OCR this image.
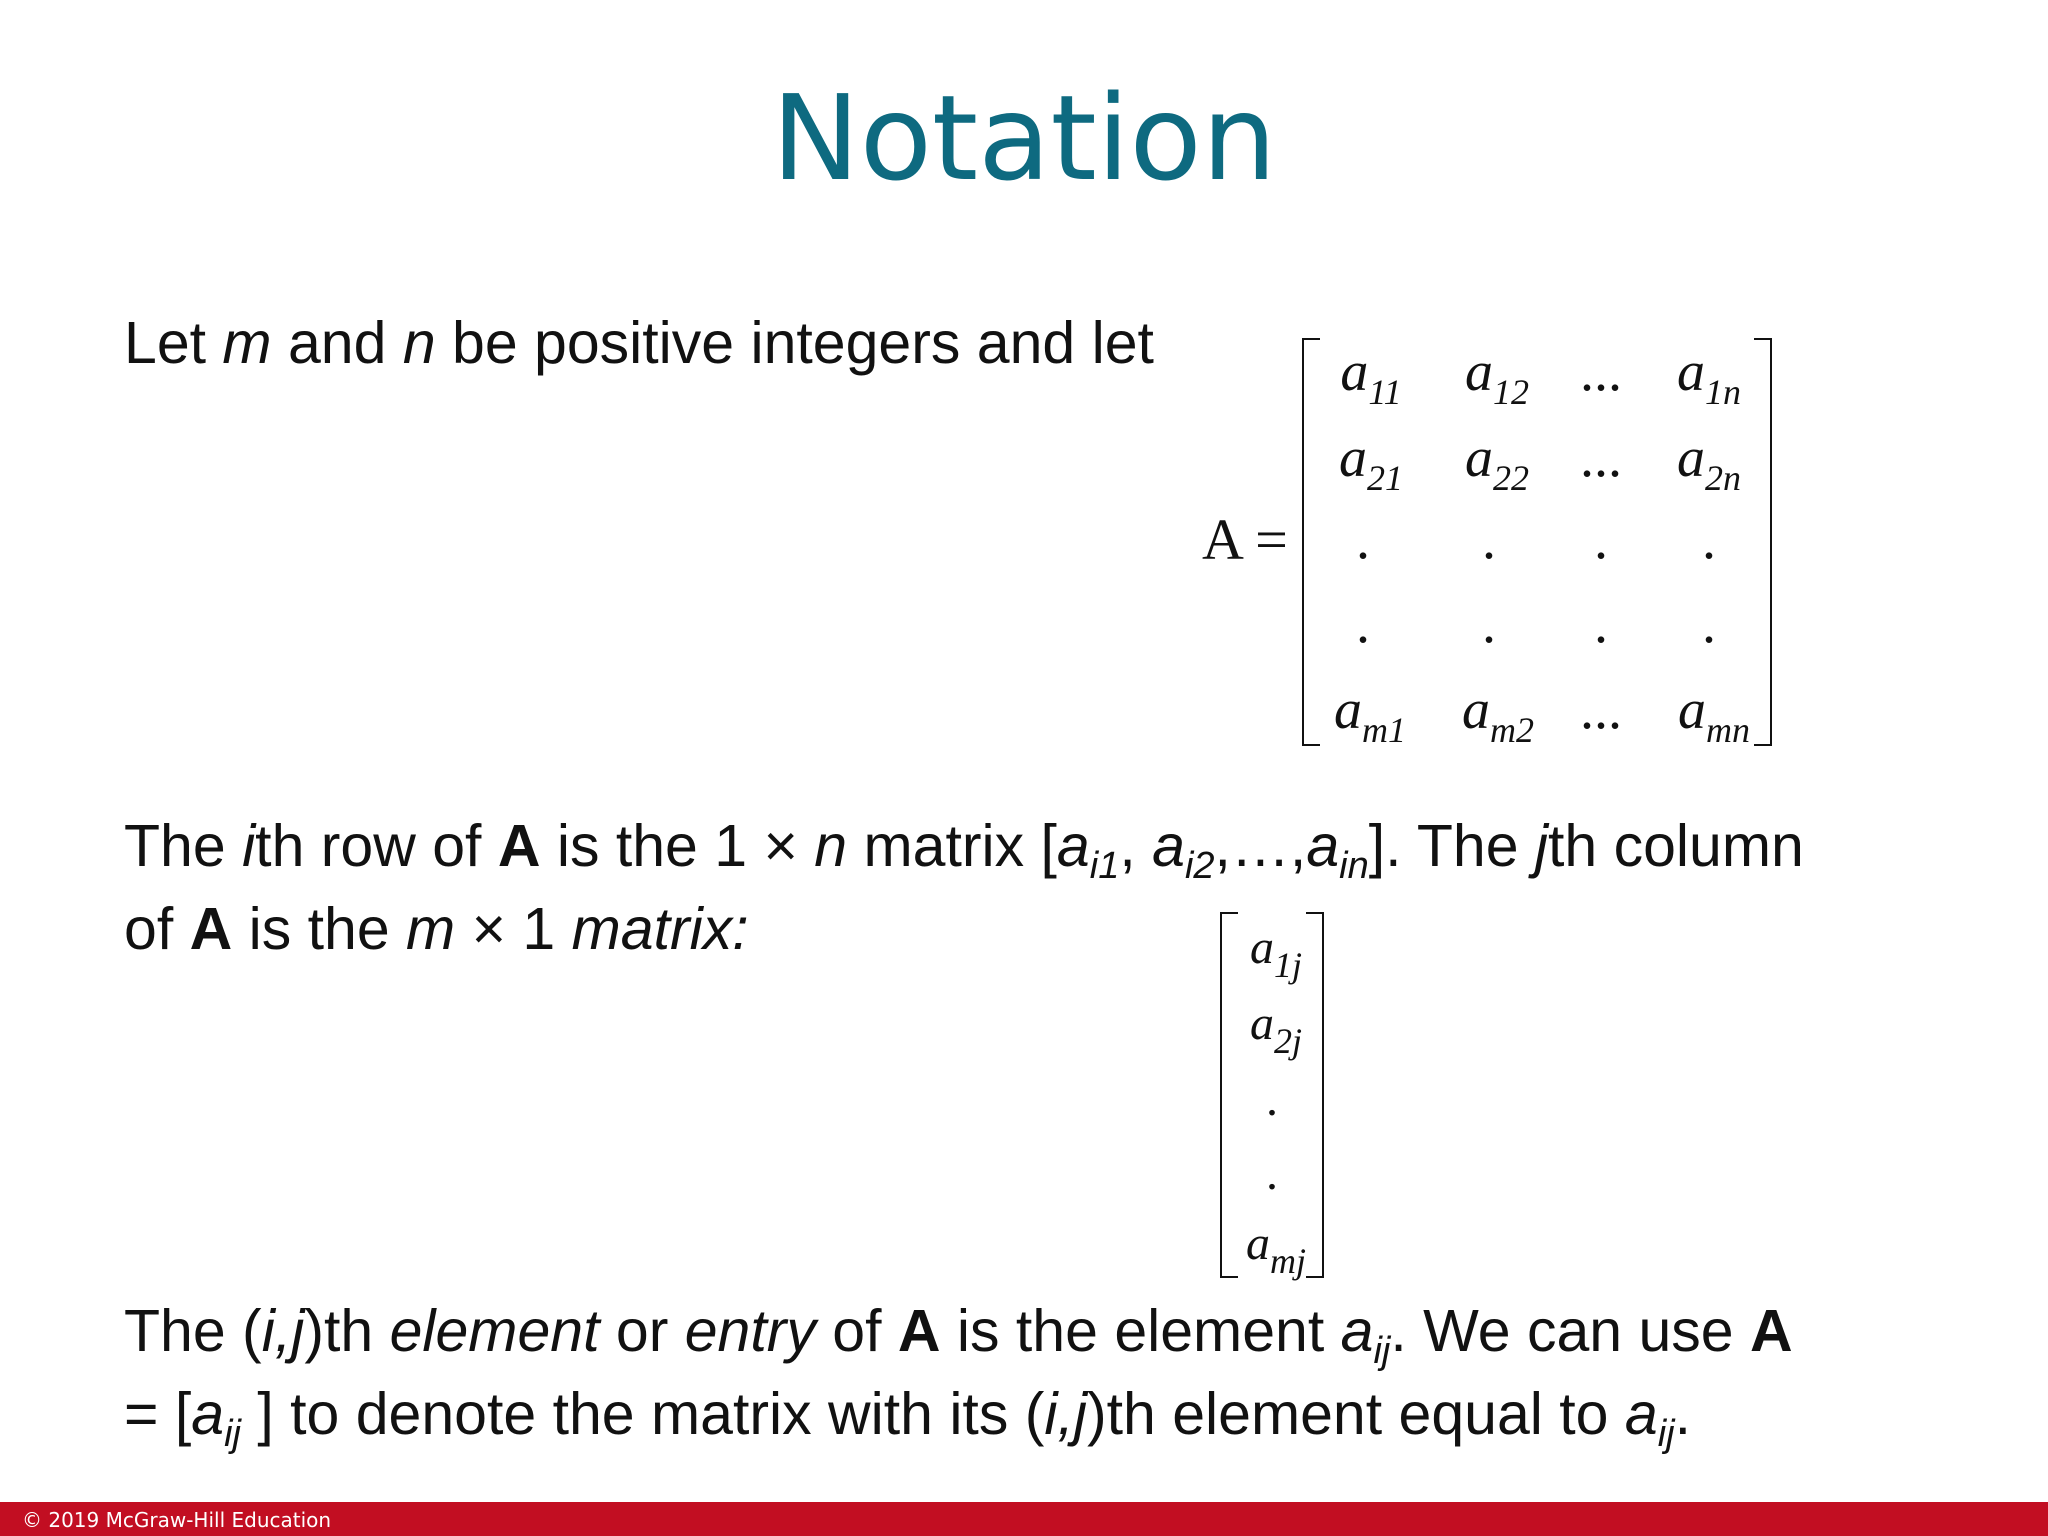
Notation
Let m and n be positive integers and let
A =
$a_{11}$ $a_{12}$ ... $a_{1n}$
$a_{21}$ $a_{22}$ ... $a_{2n}$
.	.	.	.
.	.	.	.
$a_{m1}$ $a_{m2}$ ... $a_{mn}$
The ith row of A is the 1 × n matrix [$a_{i1}$, $a_{i2},\dots,a_{in}$]. The jth column
of A is the m × 1 matrix:	$a_{1j}$
$a_{2j}$
.
.
$a_{mj}$
The (i,j)th element or entry of A is the element $a_{ij}$. We can use A
= [$a_{ij}$ ] to denote the matrix with its (i,j)th element equal to $a_{ij}$.
© 2019 McGraw-Hill Education
